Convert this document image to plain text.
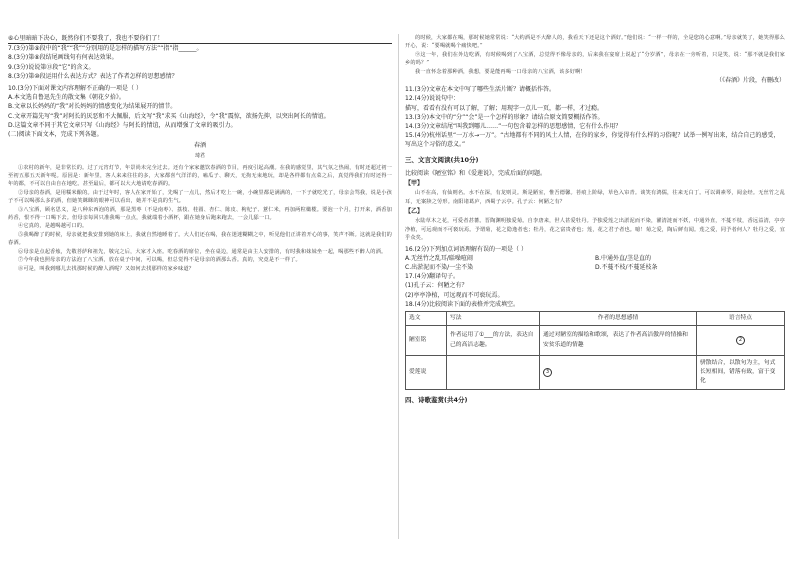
⑥心里暗暗下决心，既然你们不要我了，我也不要你们了！

7.(3分)第⑨段中的“我”“我”“分别用的是怎样的描写方法”“指”指______。

8.(3分)第⑧段结尾画线句有何表达效果。

9.(3分)说说第⑬段“它”的含义。

8.(3分)第⑩段运用什么表达方式？表达了作者怎样的思想感情？

10.(3分)下面对课文内容理解不正确的一项是（ ）

A.本文选自鲁迅先生的散文集《朝花夕拾》。

B.文章以长妈妈的“我”对长妈妈的情感变化为结果展开的情节。

C.文章开篇先写“我”对阿长的厌恶和不大佩服，后文写“我”求买《山海经》，令“我”震惊，欲扬先抑，以突出阿长的情谊。

D.这篇文章不同于其它文章只写《山海经》与阿长的情谊，从而增强了文章的吸引力。

(二)阅读下面文本，完成下列各题。

春酒
琦君

①农村的新年，是非常长的。过了元宵灯节，年景尚未完全过去。还有个家家邀饮春酒的节目，再度引起高潮。在我的感觉里，其气氛之热闹，有时还超过初一至初五那五天新年呢。原因是：新年里，客人来来往往的多，大家都喜气洋洋的，嗑瓜子、聊天，无拘无束地玩，却是各样都有点菜之后，真觉得我们有时还得一年的都，不可以自由自在地吃。甚至最后，都可以大大地请吃春酒的。

②母亲的春酒，是用糯米酿的。由于过年时，客人在家开始了，先喝了一点儿，然后才吃上一碗，小碗里都是满满的，一下子就吃光了，母亲会骂我，说是小孩子不可以喝那么多的酒，但她笑眯眯的眼神可以看出，她并不是真的生气。

③八宝酒，顾名思义，是八种东西泡的酒，那是黑枣（不是南枣）、荔枝、桂圆、杏仁、陈皮、枸杞子、薏仁米，再加两粒橄榄。要泡一个月，打开来，酒香加药香，恨不得一口喝下去。但母亲每回只准我喝一点点，我就端着小酒杯，跟在她身后跑来跑去，一会儿舔一口。

④它真的，是越喝越可口的。

⑤我喝醉了的时候，母亲就把我安排到她的床上，我就自然地睡着了。大人们还在喝，我在迷迷糊糊之中，听见他们正讲着开心的事，笑声不断。这就是我们的春酒。

⑥母亲是点起香烛，先敬菩萨和祖先，敬完之后，大家才入座。吃春酒的席位，坐在桌边，通常是由主人安排的，有时我和妹妹坐一起，喝那些不醉人的酒。

⑦今年我也照母亲的方法泡了八宝酒，放在桌子中间，可以喝，但总觉得不是母亲的酒那么香。真的，究竟是不一样了。

⑧可是，叫我到哪儿去找那时候的醉人酒呢？又如何去找那样的家乡味道？

的时候，大家都在喝，那时候她常常说：“大约酒是不大醉人的，我看天下还是这个酒好。”他们说：“一样一样的，全是您的心意啊。”母亲就笑了，她笑得那么开心，说：“要喝就喝个痛快吧。”

⑨这一年，我们在外边吃酒，有时候喝到了八宝酒，总觉得不像母亲的，后来我在宴席上说起了“分岁酒”，母亲在一旁听着，只是笑，说：“那不就是我们家乡的吗？”

我一直怀念着那种酒，我想，要是能再喝一口母亲的八宝酒，该多好啊！

（《春酒》片段，有删改）

11.(3分)文章在本文中写了哪些生活片断？请概括作答。

12.(4分)说说句中：

描写，看看有没有可以了解，了解；用现字一点儿一页，都一样，才过瘾。

13.(3分)本文中的“分”“会”是一个怎样的形象？请结合原文简要概括作答。

14.(3分)文章结尾“叫我到哪儿……”一句包含着怎样的思想感情，它有什么作用？

15.(4分)杭州话里“一万水→一万”。“古地都有不同的风土人情，在你的家乡，你觉得有什么样的习俗呢？试举一例写出来，结合自己的感受，写出这个习俗的意义。”

三、文言文阅读(共10分)

比较阅读《陋室铭》和《爱莲说》，完成后面的问题。

【甲】

山不在高，有仙则名。水不在深，有龙则灵。斯是陋室，惟吾德馨。苔痕上阶绿，草色入帘青。谈笑有鸿儒，往来无白丁。可以调素琴，阅金经。无丝竹之乱耳，无案牍之劳形。南阳诸葛庐，西蜀子云亭。孔子云：何陋之有？

【乙】

水陆草木之花，可爱者甚蕃。晋陶渊明独爱菊。自李唐来，世人甚爱牡丹。予独爱莲之出淤泥而不染，濯清涟而不妖，中通外直，不蔓不枝，香远益清，亭亭净植，可远观而不可亵玩焉。予谓菊，花之隐逸者也；牡丹，花之富贵者也；莲，花之君子者也。噫！菊之爱，陶后鲜有闻。莲之爱，同予者何人？牡丹之爱，宜乎众矣。

16.(2分)下列加点词语理解有误的一项是（ ）

A.无丝竹之乱耳/聒噪喧闹	B.中通外直/茎是直的
C.出淤泥而不染/一尘不染	D.不蔓不枝/不蔓延枝条

17.(4分)翻译句子。

(1)孔子云：何陋之有？

(2)亭亭净植，可远观而不可亵玩焉。

18.(4分)比较阅读下面的表格并完成填空。

选文	写法	作者的思想感情	语言特点
陋室铭	作者运用了①___的方法，表达自己的高洁志趣。	通过对陋室的描绘和歌颂，表达了作者高洁傲岸的情操和安贫乐道的情趣	2
爱莲说		3	骈散结合，以散句为主，句式长短相间，错落有致，富于变化
四、诗歌鉴赏(共4分)
